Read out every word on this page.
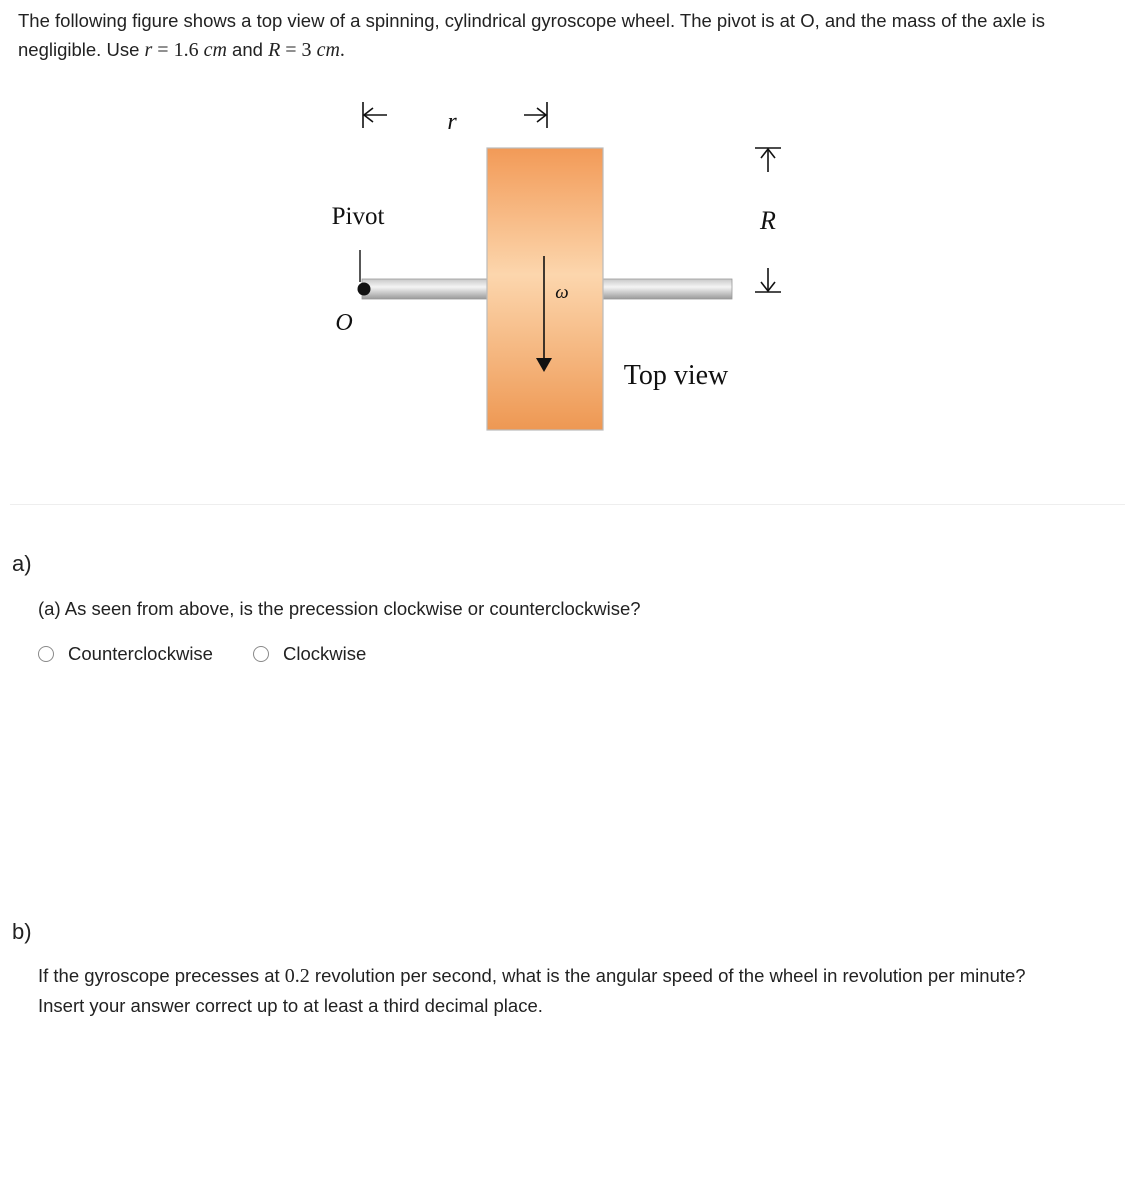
The following figure shows a top view of a spinning, cylindrical gyroscope wheel. The pivot is at O, and the mass of the axle is negligible. Use r = 1.6 cm and R = 3 cm.

r
R
Pivot
O
ω
Top view

a)

(a) As seen from above, is the precession clockwise or counterclockwise?

Counterclockwise	Clockwise

b)

If the gyroscope precesses at 0.2 revolution per second, what is the angular speed of the wheel in revolution per minute?
Insert your answer correct up to at least a third decimal place.
